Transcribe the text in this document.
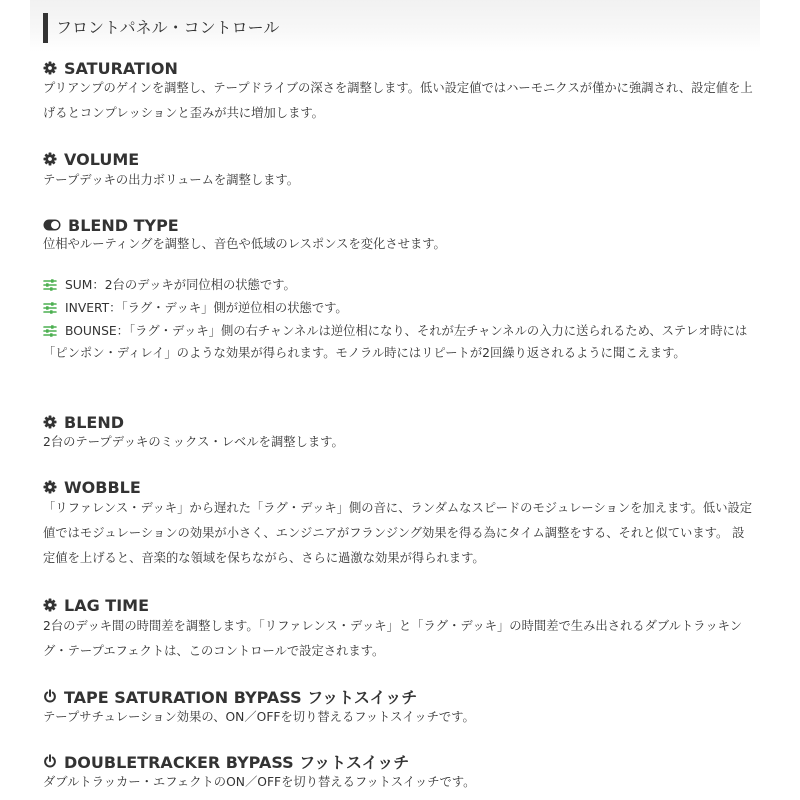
フロントパネル・コントロール
SATURATION
プリアンプのゲインを調整し、テープドライブの深さを調整します。低い設定値ではハーモニクスが僅かに強調され、設定値を上げるとコンプレッションと歪みが共に増加します。
VOLUME
テープデッキの出力ボリュームを調整します。
BLEND TYPE
位相やルーティングを調整し、音色や低域のレスポンスを変化させます。
SUM：2台のデッキが同位相の状態です。
INVERT：「ラグ・デッキ」側が逆位相の状態です。
BOUNSE：「ラグ・デッキ」側の右チャンネルは逆位相になり、それが左チャンネルの入力に送られるため、ステレオ時には「ピンポン・ディレイ」のような効果が得られます。モノラル時にはリピートが2回繰り返されるように聞こえます。
BLEND
2台のテープデッキのミックス・レベルを調整します。
WOBBLE
「リファレンス・デッキ」から遅れた「ラグ・デッキ」側の音に、ランダムなスピードのモジュレーションを加えます。低い設定値ではモジュレーションの効果が小さく、エンジニアがフランジング効果を得る為にタイム調整をする、それと似ています。 設定値を上げると、音楽的な領域を保ちながら、さらに過激な効果が得られます。
LAG TIME
2台のデッキ間の時間差を調整します。「リファレンス・デッキ」と「ラグ・デッキ」の時間差で生み出されるダブルトラッキング・テープエフェクトは、このコントロールで設定されます。
TAPE SATURATION BYPASS フットスイッチ
テープサチュレーション効果の、ON／OFFを切り替えるフットスイッチです。
DOUBLETRACKER BYPASS フットスイッチ
ダブルトラッカー・エフェクトのON／OFFを切り替えるフットスイッチです。
